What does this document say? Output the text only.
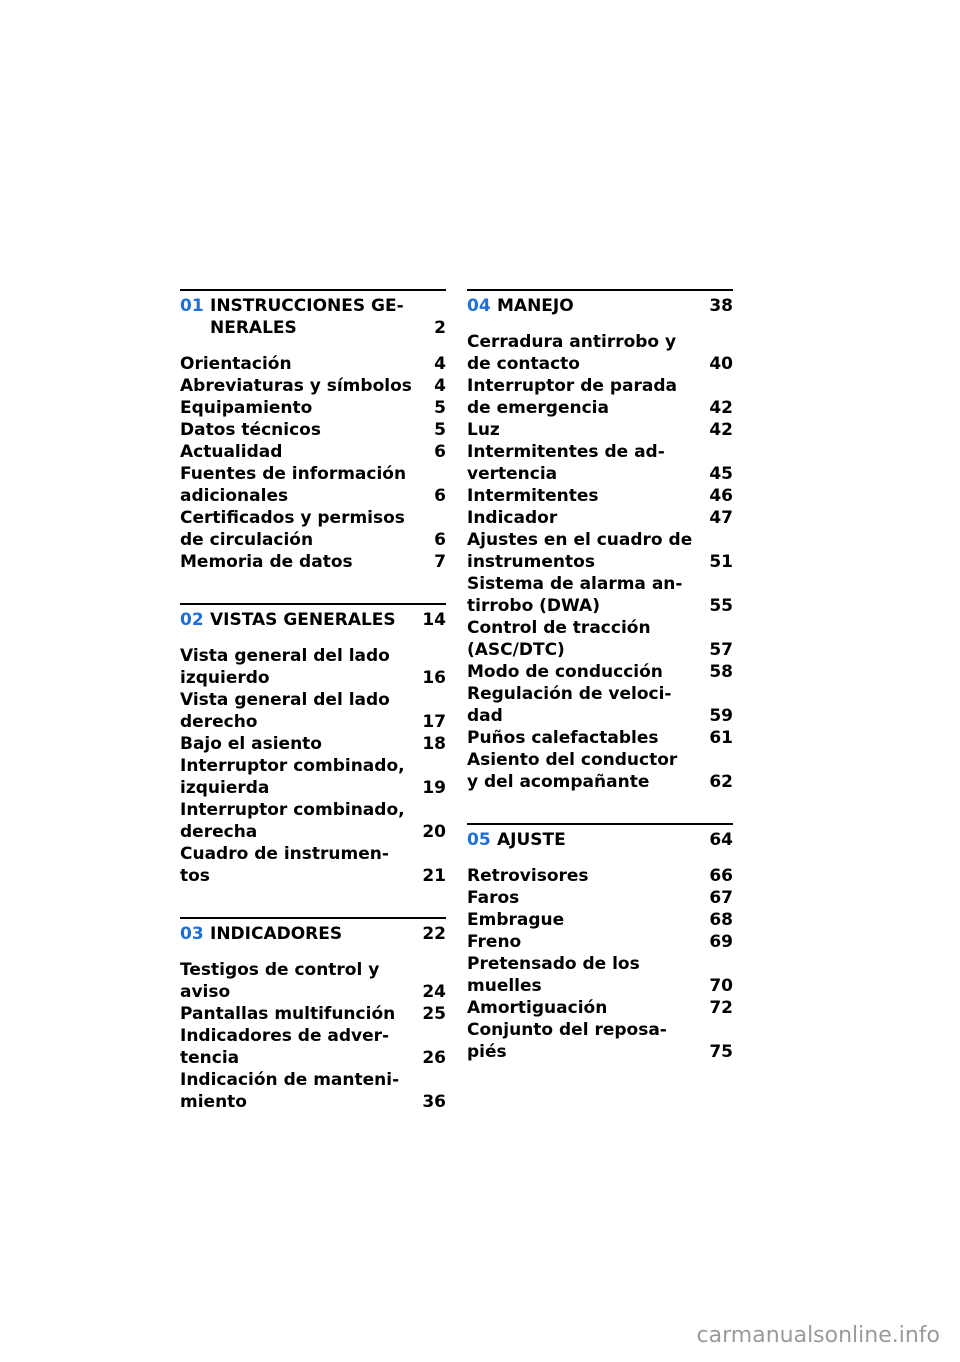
01 INSTRUCCIONES GE-
NERALES	2
Orientación	4
Abreviaturas y símbolos	4
Equipamiento	5
Datos técnicos	5
Actualidad	6
Fuentes de información
adicionales	6
Certificados y permisos
de circulación	6
Memoria de datos	7
02 VISTAS GENERALES	14
Vista general del lado
izquierdo	16
Vista general del lado
derecho	17
Bajo el asiento	18
Interruptor combinado,
izquierda	19
Interruptor combinado,
derecha	20
Cuadro de instrumen-
tos	21
03 INDICADORES	22
Testigos de control y
aviso	24
Pantallas multifunción	25
Indicadores de adver-
tencia	26
Indicación de manteni-
miento	36
04 MANEJO	38
Cerradura antirrobo y
de contacto	40
Interruptor de parada
de emergencia	42
Luz	42
Intermitentes de ad-
vertencia	45
Intermitentes	46
Indicador	47
Ajustes en el cuadro de
instrumentos	51
Sistema de alarma an-
tirrobo (DWA)	55
Control de tracción
(ASC/DTC)	57
Modo de conducción	58
Regulación de veloci-
dad	59
Puños calefactables	61
Asiento del conductor
y del acompañante	62
05 AJUSTE	64
Retrovisores	66
Faros	67
Embrague	68
Freno	69
Pretensado de los
muelles	70
Amortiguación	72
Conjunto del reposa-
piés	75
carmanualsonline.info
